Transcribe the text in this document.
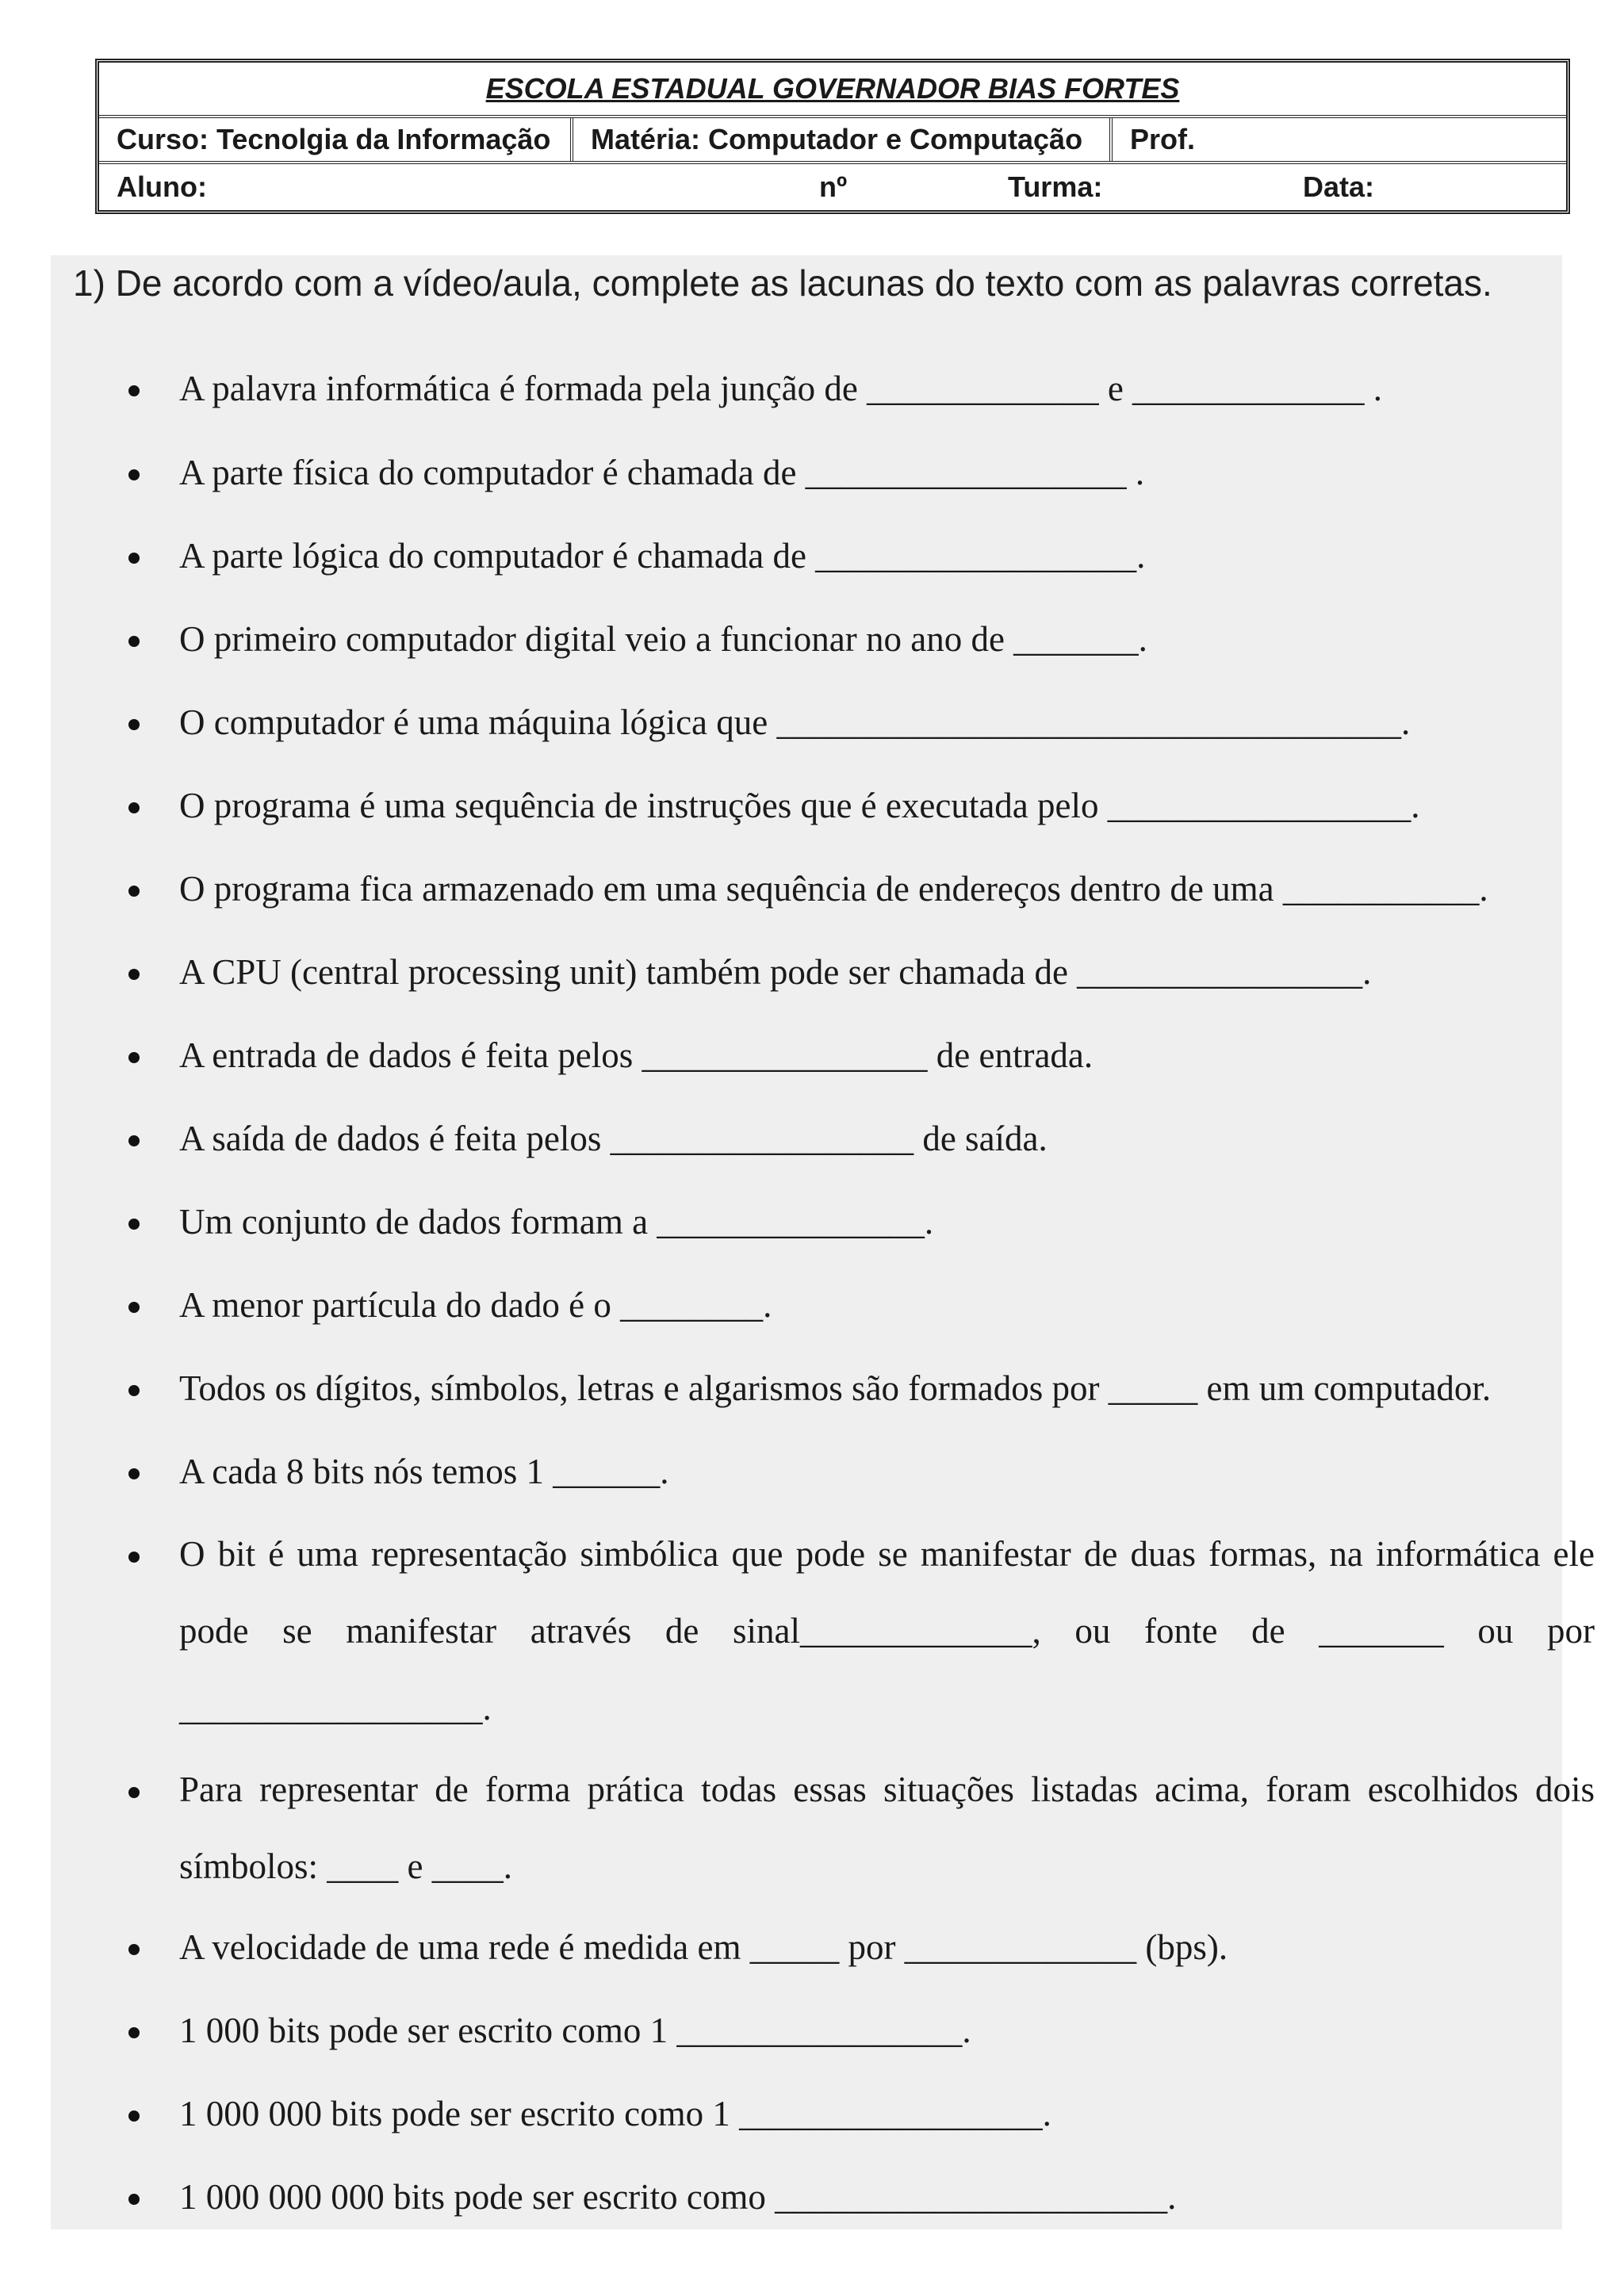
ESCOLA ESTADUAL GOVERNADOR BIAS FORTES
Curso: Tecnolgia da Informação	Matéria: Computador e Computação	Prof.
Aluno:	nº	Turma:	Data:
1) De acordo com a vídeo/aula, complete as lacunas do texto com as palavras corretas.
A palavra informática é formada pela junção de _____________ e _____________ .
A parte física do computador é chamada de __________________ .
A parte lógica do computador é chamada de __________________.
O primeiro computador digital veio a funcionar no ano de _______.
O computador é uma máquina lógica que ___________________________________.
O programa é uma sequência de instruções que é executada pelo _________________.
O programa fica armazenado em uma sequência de endereços dentro de uma ___________.
A CPU (central processing unit) também pode ser chamada de ________________.
A entrada de dados é feita pelos ________________ de entrada.
A saída de dados é feita pelos _________________ de saída.
Um conjunto de dados formam a _______________.
A menor partícula do dado é o ________.
Todos os dígitos, símbolos, letras e algarismos são formados por _____ em um computador.
A cada 8 bits nós temos 1 ______.
O bit é uma representação simbólica que pode se manifestar de duas formas, na informática ele pode se manifestar através de sinal_____________, ou fonte de _______ ou por _________________.
Para representar de forma prática todas essas situações listadas acima, foram escolhidos dois símbolos: ____ e ____.
A velocidade de uma rede é medida em _____ por _____________ (bps).
1 000 bits pode ser escrito como 1 ________________.
1 000 000 bits pode ser escrito como 1 _________________.
1 000 000 000 bits pode ser escrito como ______________________.
